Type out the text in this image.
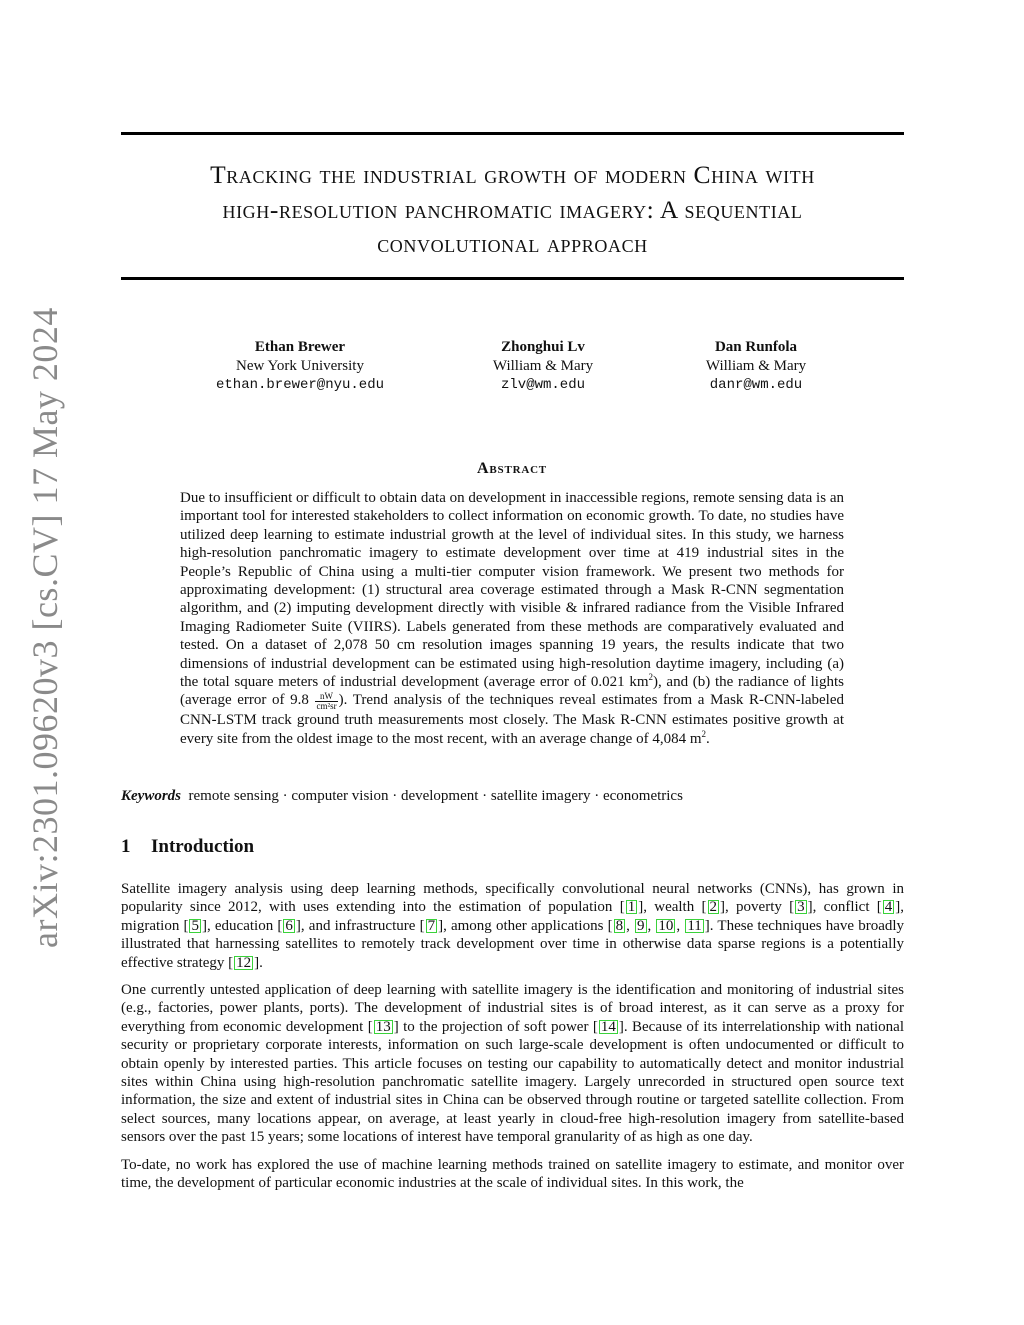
arXiv:2301.09620v3 [cs.CV] 17 May 2024
Tracking the industrial growth of modern China with
high-resolution panchromatic imagery: A sequential
convolutional approach
Ethan Brewer
New York University
ethan.brewer@nyu.edu
Zhonghui Lv
William & Mary
zlv@wm.edu
Dan Runfola
William & Mary
danr@wm.edu
Abstract

Due to insufficient or difficult to obtain data on development in inaccessible regions, remote sensing data is an important tool for interested stakeholders to collect information on economic growth. To date, no studies have utilized deep learning to estimate industrial growth at the level of individual sites. In this study, we harness high-resolution panchromatic imagery to estimate development over time at 419 industrial sites in the People’s Republic of China using a multi-tier computer vision framework. We present two methods for approximating development: (1) structural area coverage estimated through a Mask R-CNN segmentation algorithm, and (2) imputing development directly with visible & infrared radiance from the Visible Infrared Imaging Radiometer Suite (VIIRS). Labels generated from these methods are comparatively evaluated and tested. On a dataset of 2,078 50 cm resolution images spanning 19 years, the results indicate that two dimensions of industrial development can be estimated using high-resolution daytime imagery, including (a) the total square meters of industrial development (average error of 0.021 $km^2$), and (b) the radiance of lights (average error of $9.8 \frac{nW}{\text{cm²sr}}$ ). Trend analysis of the techniques reveal estimates from a Mask R-CNN-labeled CNN-LSTM track ground truth measurements most closely. The Mask R-CNN estimates positive growth at every site from the oldest image to the most recent, with an average change of 4,084 $m^2$.

Keywords remote sensing · computer vision · development · satellite imagery · econometrics

1 Introduction

Satellite imagery analysis using deep learning methods, specifically convolutional neural networks (CNNs), has grown in popularity since 2012, with uses extending into the estimation of population [ 1 ], wealth [ 2 ], poverty [ 3 ], conflict [ 4 ], migration [ 5 ], education [ 6 ], and infrastructure [ 7 ], among other applications [ 8 , 9 , 10 , 11 ]. These techniques have broadly illustrated that harnessing satellites to remotely track development over time in otherwise data sparse regions is a potentially effective strategy [ 12 ].

One currently untested application of deep learning with satellite imagery is the identification and monitoring of industrial sites (e.g., factories, power plants, ports). The development of industrial sites is of broad interest, as it can serve as a proxy for everything from economic development [ 13 ] to the projection of soft power [ 14 ]. Because of its interrelationship with national security or proprietary corporate interests, information on such large-scale development is often undocumented or difficult to obtain openly by interested parties. This article focuses on testing our capability to automatically detect and monitor industrial sites within China using high-resolution panchromatic satellite imagery. Largely unrecorded in structured open source text information, the size and extent of industrial sites in China can be observed through routine or targeted satellite collection. From select sources, many locations appear, on average, at least yearly in cloud-free high-resolution imagery from satellite-based sensors over the past 15 years; some locations of interest have temporal granularity of as high as one day.

To-date, no work has explored the use of machine learning methods trained on satellite imagery to estimate, and monitor over time, the development of particular economic industries at the scale of individual sites. In this work, the
